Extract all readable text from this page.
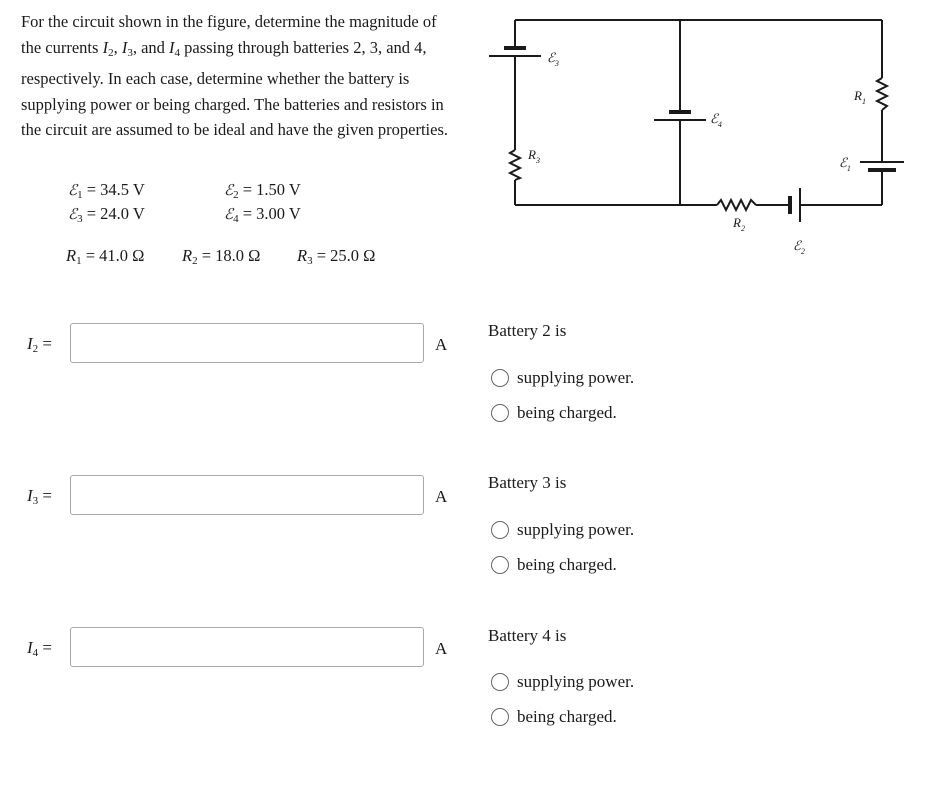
For the circuit shown in the figure, determine the magnitude of the currents $I_2$, $I_3$, and $I_4$ passing through batteries 2, 3, and 4, respectively. In each case, determine whether the battery is supplying power or being charged. The batteries and resistors in the circuit are assumed to be ideal and have the given properties.
ℰ$_1$ = 34.5 V	ℰ$_2$ = 1.50 V
ℰ$_3$ = 24.0 V	ℰ$_4$ = 3.00 V
$R_1 = 41.0$ Ω $R_2 = 18.0$ Ω $R_3 = 25.0$ Ω
ℰ$_3$
ℰ$_4$
ℰ$_1$
ℰ$_2$
$R_3$
$R_2$
$R_1$
$I_2$ =	A
$I_3$ =	A
$I_4$ =	A
Battery 2 is
supplying power.
being charged.
Battery 3 is
supplying power.
being charged.
Battery 4 is
supplying power.
being charged.
